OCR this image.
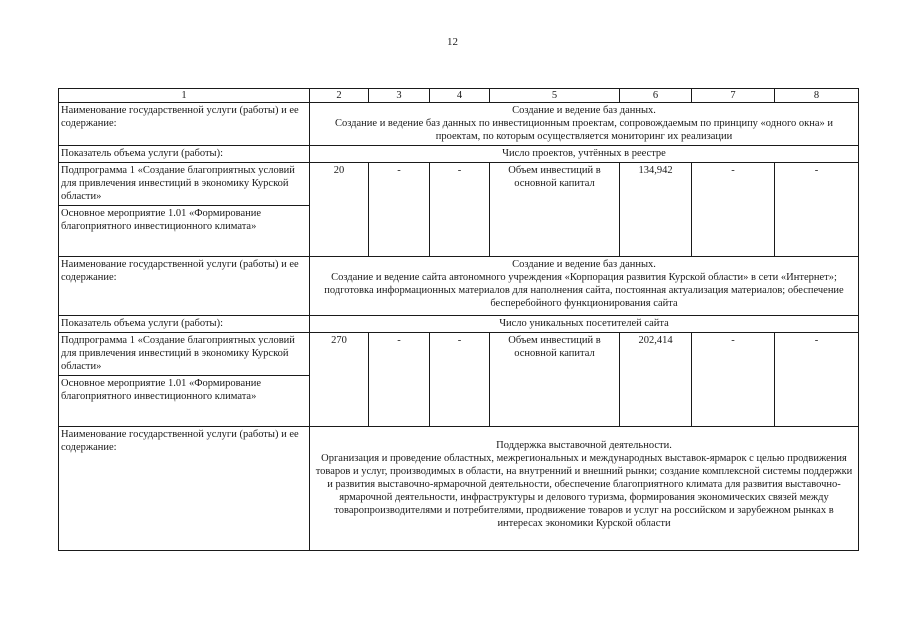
12
1	2	3	4	5	6	7	8
Наименование государственной услуги (работы) и ее содержание:	Создание и ведение баз данных.
Создание и ведение баз данных по инвестиционным проектам, сопровождаемым по принципу «одного окна» и проектам, по которым осуществляется мониторинг их реализации						

Показатель объема услуги (работы):	Число проектов, учтённых в реестре						
Подпрограмма 1 «Создание благоприятных условий для привлечения инвестиций в экономику Курской области»	20	-	-	Объем инвестиций в основной капитал	134,942	-	-
Основное мероприятие 1.01 «Формирование благоприятного инвестиционного климата»							
Наименование государственной услуги (работы) и ее содержание:	Создание и ведение баз данных.
Создание и ведение сайта автономного учреждения «Корпорация развития Курской области» в сети «Интернет»; подготовка информационных материалов для наполнения сайта, постоянная актуализация материалов; обеспечение бесперебойного функционирования сайта						

Показатель объема услуги (работы):	Число уникальных посетителей сайта						
Подпрограмма 1 «Создание благоприятных условий для привлечения инвестиций в экономику Курской области»	270	-	-	Объем инвестиций в основной капитал	202,414	-	-
Основное мероприятие 1.01 «Формирование благоприятного инвестиционного климата»							
Наименование государственной услуги (работы) и ее содержание:	Поддержка выставочной деятельности.
Организация и проведение областных, межрегиональных и международных выставок-ярмарок с целью продвижения товаров и услуг, производимых в области, на внутренний и внешний рынки; создание комплексной системы поддержки и развития выставочно-ярмарочной деятельности, обеспечение благоприятного климата для развития выставочно-ярмарочной деятельности, инфраструктуры и делового туризма, формирования экономических связей между товаропроизводителями и потребителями, продвижение товаров и услуг на российском и зарубежном рынках в интересах экономики Курской области						
